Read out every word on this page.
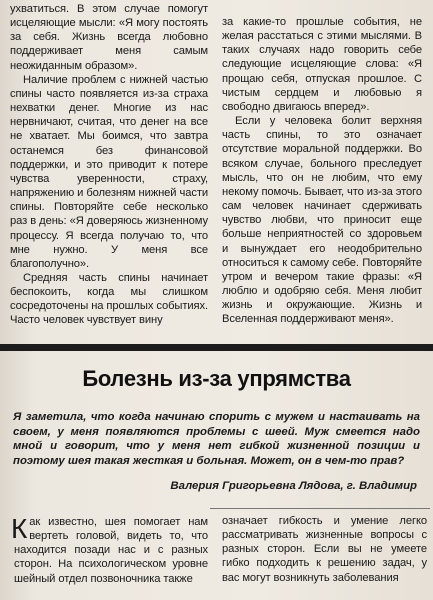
ухватиться. В этом случае помогут исцеляющие мысли: «Я могу постоять за себя. Жизнь всегда любовно поддерживает меня самым неожиданным образом».

Наличие проблем с нижней частью спины часто появляется из-за страха нехватки денег. Многие из нас нервничают, считая, что денег на все не хватает. Мы боимся, что завтра останемся без финансовой поддержки, и это приводит к потере чувства уверенности, страху, напряжению и болезням нижней части спины. Повторяйте себе несколько раз в день: «Я доверяюсь жизненному процессу. Я всегда получаю то, что мне нужно. У меня все благополучно».

Средняя часть спины начинает беспокоить, когда мы слишком сосредоточены на прошлых событиях. Часто человек чувствует вину

за какие-то прошлые события, не желая расстаться с этими мыслями. В таких случаях надо говорить себе следующие исцеляющие слова: «Я прощаю себя, отпуская прошлое. С чистым сердцем и любовью я свободно двигаюсь вперед».

Если у человека болит верхняя часть спины, то это означает отсутствие моральной поддержки. Во всяком случае, больного преследует мысль, что он не любим, что ему некому помочь. Бывает, что из-за этого сам человек начинает сдерживать чувство любви, что приносит еще больше неприятностей со здоровьем и вынуждает его неодобрительно относиться к самому себе. Повторяйте утром и вечером такие фразы: «Я люблю и одобряю себя. Меня любит жизнь и окружающие. Жизнь и Вселенная поддерживают меня».

Болезнь из-за упрямства
Я заметила, что когда начинаю спорить с мужем и настаивать на своем, у меня появляются проблемы с шеей. Муж смеется надо мной и говорит, что у меня нет гибкой жизненной позиции и поэтому шея такая жесткая и больная. Может, он в чем-то прав?
Валерия Григорьевна Лядова, г. Владимир

Как известно, шея помогает нам вертеть головой, видеть то, что находится позади нас и с разных сторон. На психологическом уровне шейный отдел позвоночника также

означает гибкость и умение легко рассматривать жизненные вопросы с разных сторон. Если вы не умеете гибко подходить к решению задач, у вас могут возникнуть заболевания
